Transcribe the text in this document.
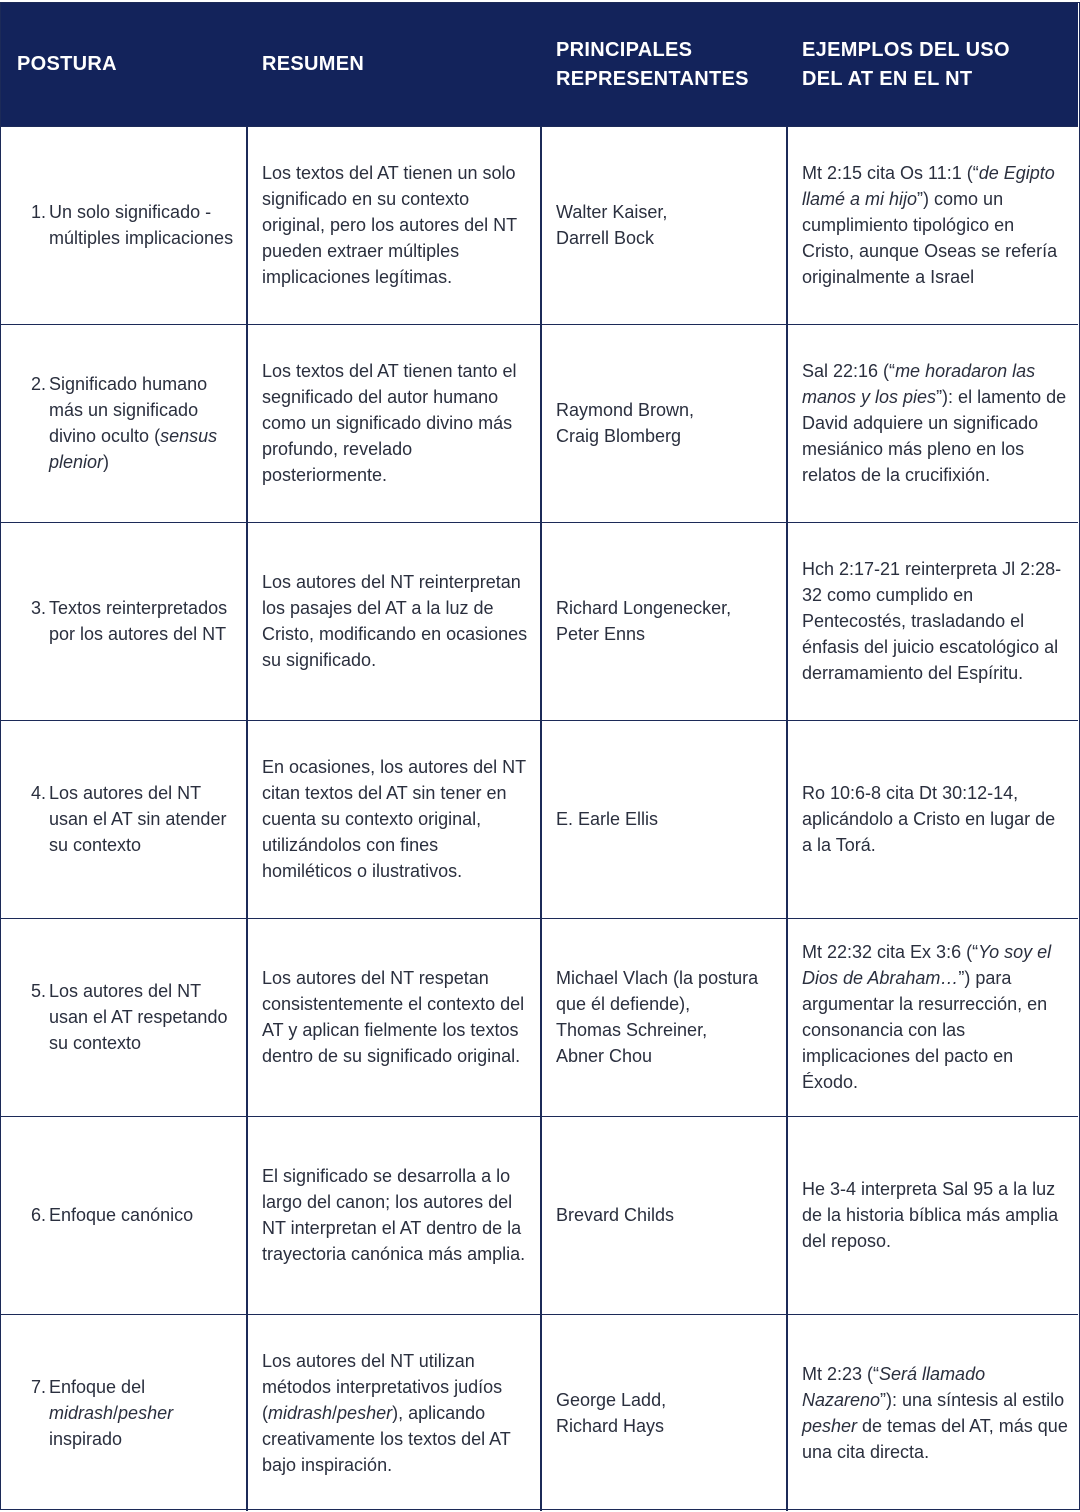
POSTURA	RESUMEN
PRINCIPALES
REPRESENTANTES
EJEMPLOS DEL USO
DEL AT EN EL NT
1. Un solo significado - múltiples implicaciones
Los textos del AT tienen un solo significado en su contexto original, pero los autores del NT pueden extraer múltiples implicaciones legítimas.
Walter Kaiser,
Darrell Bock
Mt 2:15 cita Os 11:1 (“de Egipto llamé a mi hijo”) como un cumplimiento tipológico en Cristo, aunque Oseas se refería originalmente a Israel
2. Significado humano más un significado divino oculto (sensus plenior)
Los textos del AT tienen tanto el segnificado del autor humano como un significado divino más profundo, revelado posteriormente.
Raymond Brown,
Craig Blomberg
Sal 22:16 (“me horadaron las manos y los pies”): el lamento de David adquiere un significado mesiánico más pleno en los relatos de la crucifixión.
3. Textos reinterpretados por los autores del NT
Los autores del NT reinterpretan los pasajes del AT a la luz de Cristo, modificando en ocasiones su significado.
Richard Longenecker,
Peter Enns
Hch 2:17-21 reinterpreta Jl 2:28-32 como cumplido en Pentecostés, trasladando el énfasis del juicio escatológico al derramamiento del Espíritu.
4. Los autores del NT usan el AT sin atender su contexto
En ocasiones, los autores del NT citan textos del AT sin tener en cuenta su contexto original, utilizándolos con fines homiléticos o ilustrativos.
E. Earle Ellis
Ro 10:6-8 cita Dt 30:12-14, aplicándolo a Cristo en lugar de a la Torá.
5. Los autores del NT usan el AT respetando su contexto
Los autores del NT respetan consistentemente el contexto del AT y aplican fielmente los textos dentro de su significado original.
Michael Vlach (la postura que él defiende),
Thomas Schreiner,
Abner Chou
Mt 22:32 cita Ex 3:6 (“Yo soy el Dios de Abraham…”) para argumentar la resurrección, en consonancia con las implicaciones del pacto en Éxodo.
6. Enfoque canónico
El significado se desarrolla a lo largo del canon; los autores del NT interpretan el AT dentro de la trayectoria canónica más amplia.
Brevard Childs
He 3-4 interpreta Sal 95 a la luz de la historia bíblica más amplia del reposo.
7. Enfoque del midrash/pesher inspirado
Los autores del NT utilizan métodos interpretativos judíos (midrash/pesher), aplicando creativamente los textos del AT bajo inspiración.
George Ladd,
Richard Hays
Mt 2:23 (“Será llamado Nazareno”): una síntesis al estilo pesher de temas del AT, más que una cita directa.
